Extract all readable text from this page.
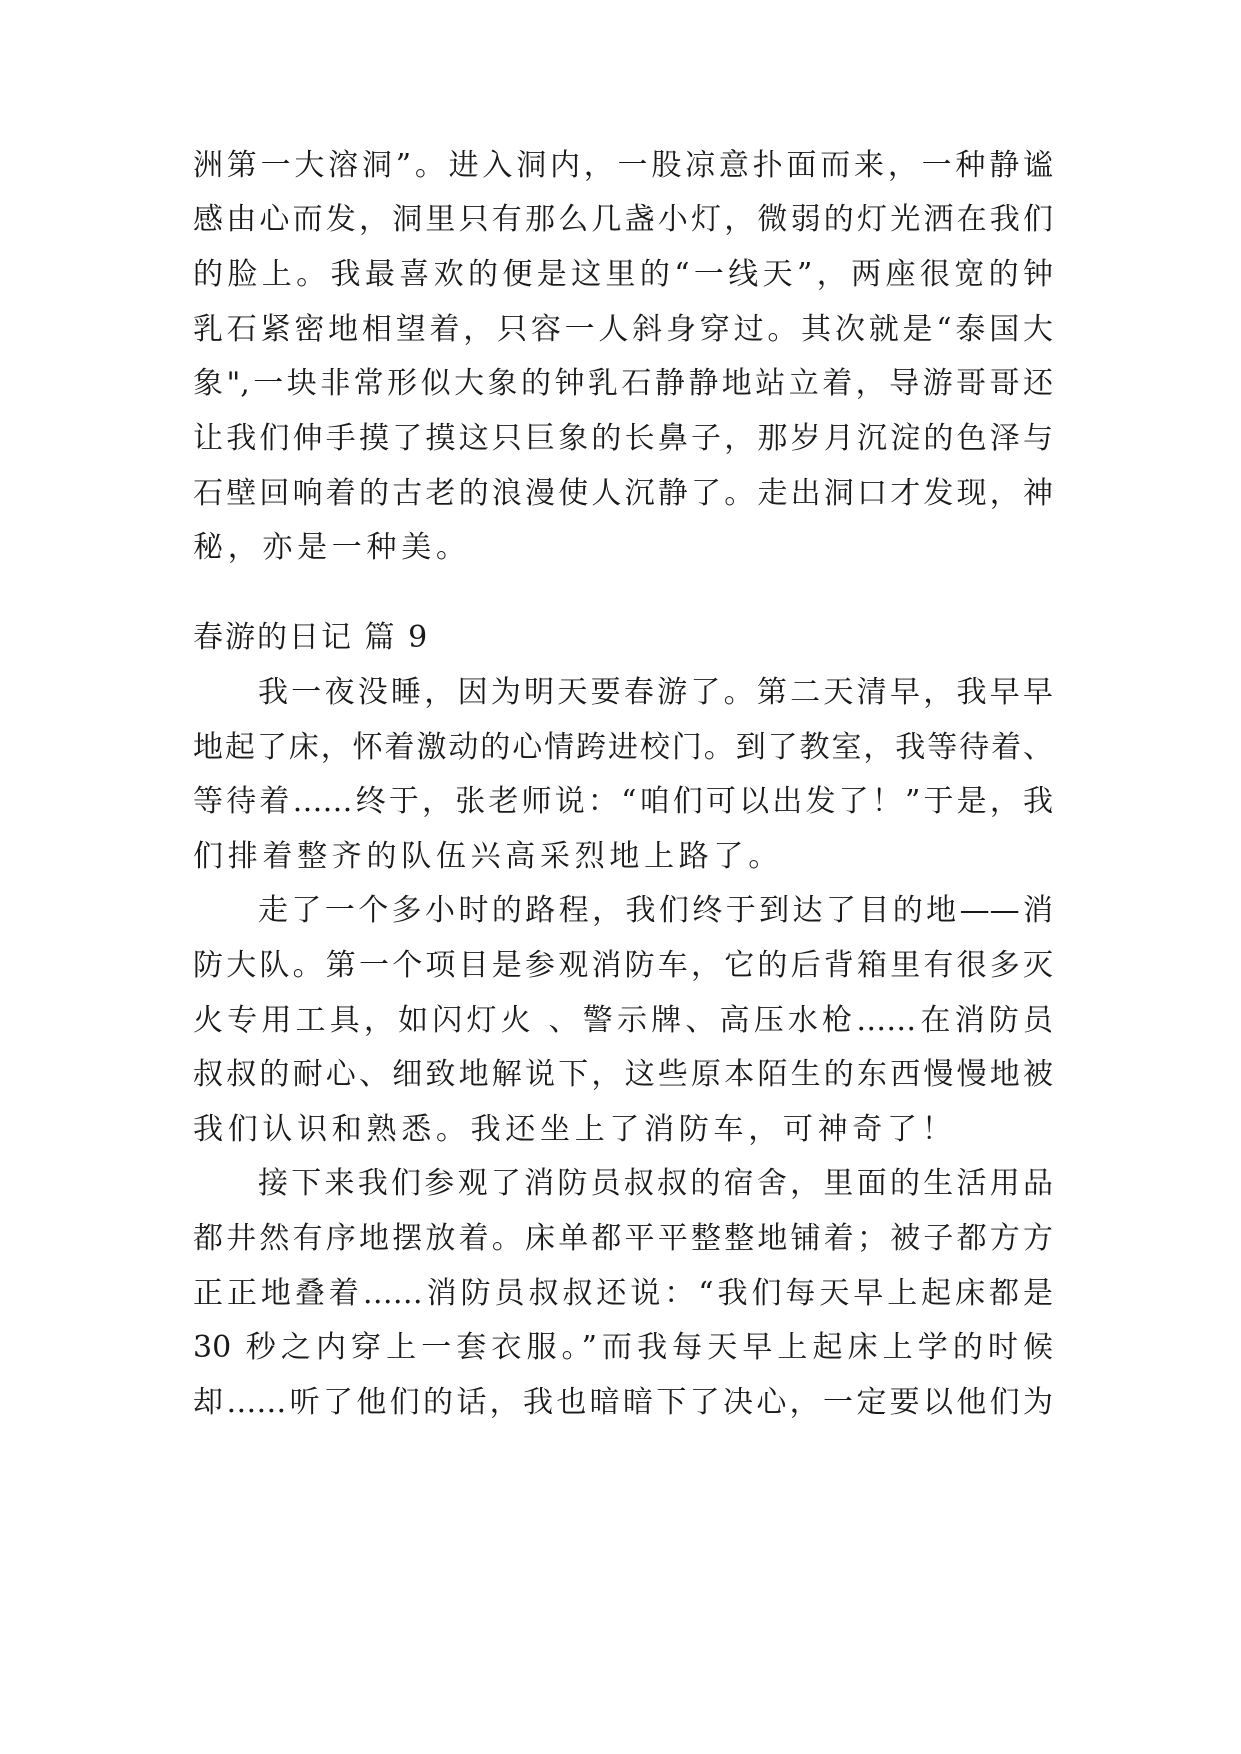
洲第一大溶洞”。进入洞内，一股凉意扑面而来，一种静谧

感由心而发，洞里只有那么几盏小灯，微弱的灯光洒在我们

的脸上。我最喜欢的便是这里的“一线天”，两座很宽的钟

乳石紧密地相望着，只容一人斜身穿过。其次就是“泰国大

象",一块非常形似大象的钟乳石静静地站立着，导游哥哥还

让我们伸手摸了摸这只巨象的长鼻子，那岁月沉淀的色泽与

石壁回响着的古老的浪漫使人沉静了。走出洞口才发现，神

秘，亦是一种美。

春游的日记 篇 9

我一夜没睡，因为明天要春游了。第二天清早，我早早

地起了床，怀着激动的心情跨进校门。到了教室，我等待着、

等待着……终于，张老师说：“咱们可以出发了！”于是，我

们排着整齐的队伍兴高采烈地上路了。

走了一个多小时的路程，我们终于到达了目的地——消

防大队。第一个项目是参观消防车，它的后背箱里有很多灭

火专用工具，如闪灯火 、警示牌、高压水枪……在消防员

叔叔的耐心、细致地解说下，这些原本陌生的东西慢慢地被

我们认识和熟悉。我还坐上了消防车，可神奇了！

接下来我们参观了消防员叔叔的宿舍，里面的生活用品

都井然有序地摆放着。床单都平平整整地铺着；被子都方方

正正地叠着……消防员叔叔还说：“我们每天早上起床都是

30 秒之内穿上一套衣服。”而我每天早上起床上学的时候

却……听了他们的话，我也暗暗下了决心，一定要以他们为
